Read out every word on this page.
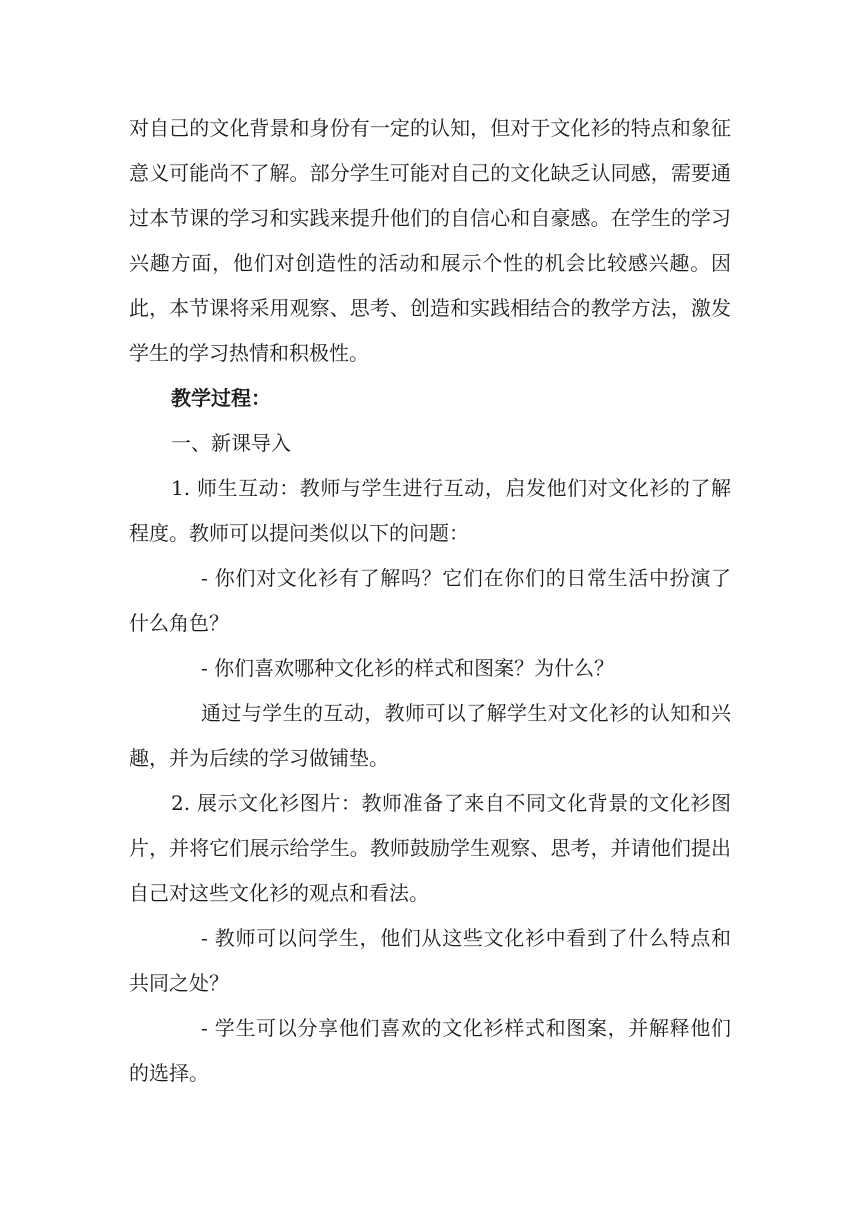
对自己的文化背景和身份有一定的认知，但对于文化衫的特点和象征意义可能尚不了解。部分学生可能对自己的文化缺乏认同感，需要通过本节课的学习和实践来提升他们的自信心和自豪感。在学生的学习兴趣方面，他们对创造性的活动和展示个性的机会比较感兴趣。因此，本节课将采用观察、思考、创造和实践相结合的教学方法，激发学生的学习热情和积极性。

教学过程：

一、新课导入

1. 师生互动：教师与学生进行互动，启发他们对文化衫的了解程度。教师可以提问类似以下的问题：

- 你们对文化衫有了解吗？它们在你们的日常生活中扮演了什么角色？

- 你们喜欢哪种文化衫的样式和图案？为什么？

通过与学生的互动，教师可以了解学生对文化衫的认知和兴趣，并为后续的学习做铺垫。

2. 展示文化衫图片：教师准备了来自不同文化背景的文化衫图片，并将它们展示给学生。教师鼓励学生观察、思考，并请他们提出自己对这些文化衫的观点和看法。

- 教师可以问学生，他们从这些文化衫中看到了什么特点和共同之处？

- 学生可以分享他们喜欢的文化衫样式和图案，并解释他们的选择。
